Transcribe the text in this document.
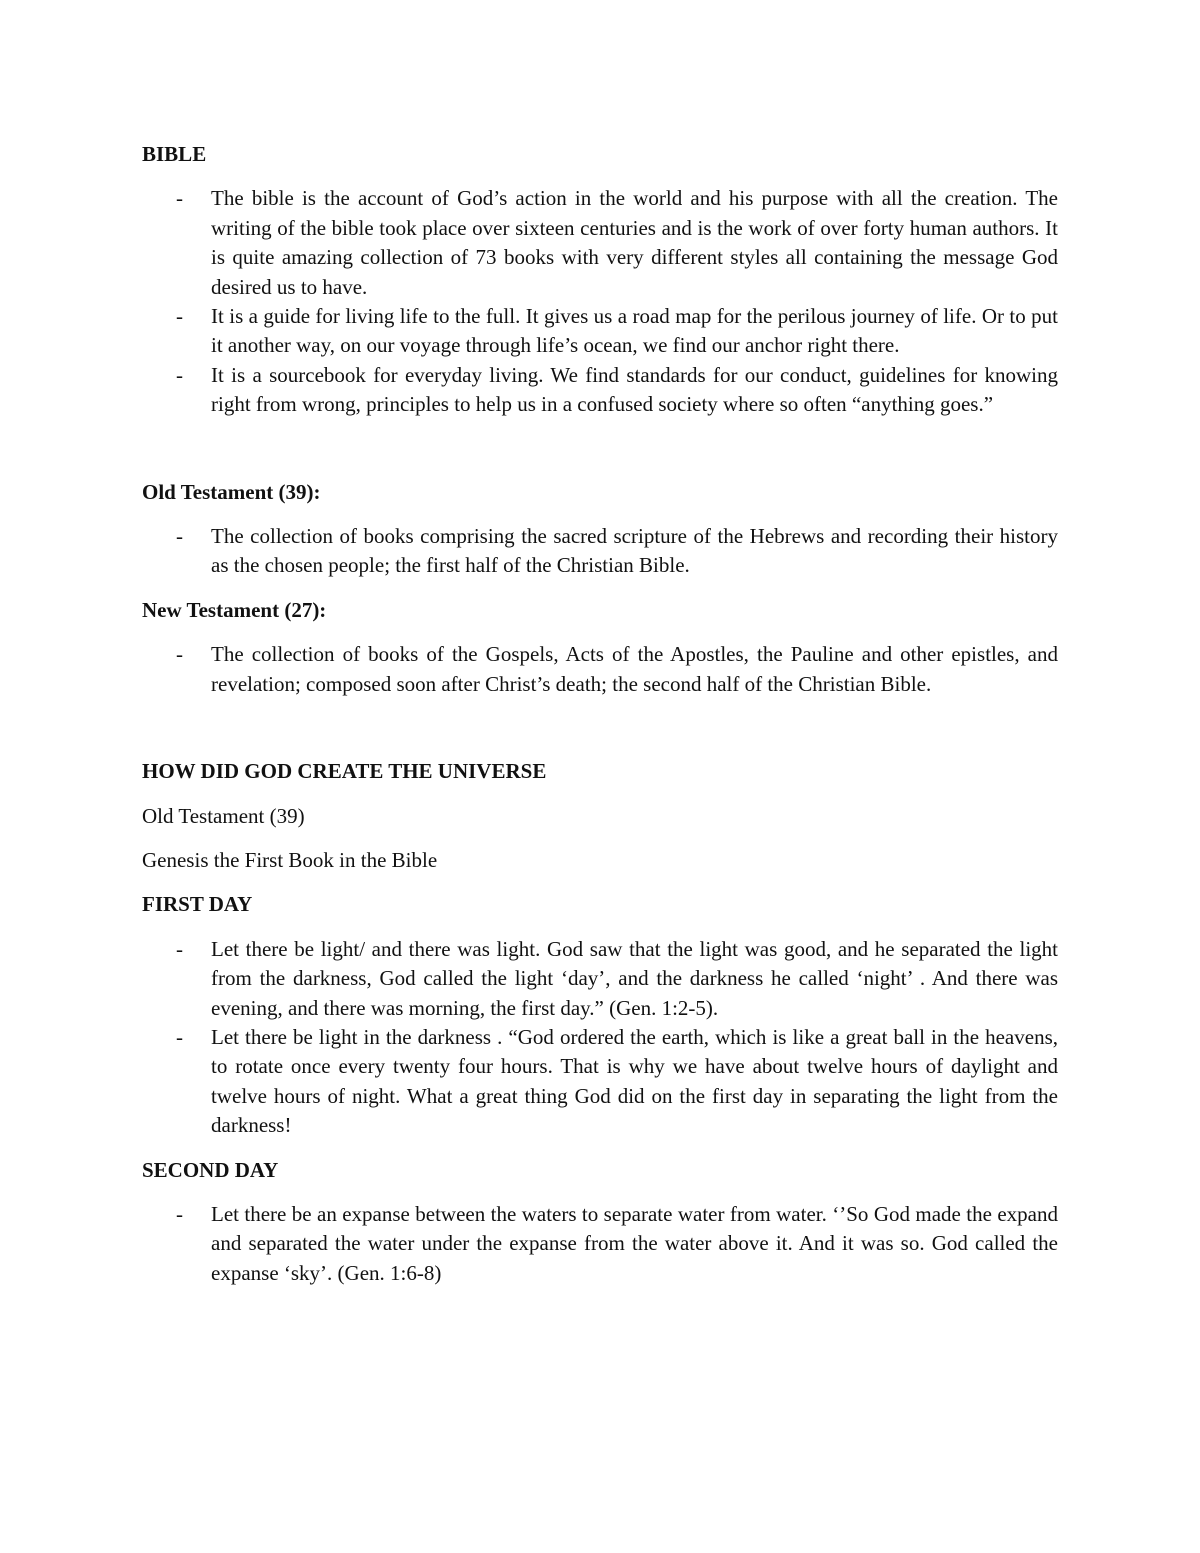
BIBLE
- The bible is the account of God’s action in the world and his purpose with all the creation. The writing of the bible took place over sixteen centuries and is the work of over forty human authors. It is quite amazing collection of 73 books with very different styles all containing the message God desired us to have.
- It is a guide for living life to the full. It gives us a road map for the perilous journey of life. Or to put it another way, on our voyage through life’s ocean, we find our anchor right there.
- It is a sourcebook for everyday living. We find standards for our conduct, guidelines for knowing right from wrong, principles to help us in a confused society where so often “anything goes.”
Old Testament (39):
- The collection of books comprising the sacred scripture of the Hebrews and recording their history as the chosen people; the first half of the Christian Bible.
New Testament (27):
- The collection of books of the Gospels, Acts of the Apostles, the Pauline and other epistles, and revelation; composed soon after Christ’s death; the second half of the Christian Bible.
HOW DID GOD CREATE THE UNIVERSE

Old Testament (39)

Genesis the First Book in the Bible

FIRST DAY
- Let there be light/ and there was light. God saw that the light was good, and he separated the light from the darkness, God called the light ‘day’, and the darkness he called ‘night’ . And there was evening, and there was morning, the first day.” (Gen. 1:2-5).
- Let there be light in the darkness . “God ordered the earth, which is like a great ball in the heavens, to rotate once every twenty four hours. That is why we have about twelve hours of daylight and twelve hours of night. What a great thing God did on the first day in separating the light from the darkness!
SECOND DAY
- Let there be an expanse between the waters to separate water from water. ‘’So God made the expand and separated the water under the expanse from the water above it. And it was so. God called the expanse ‘sky’. (Gen. 1:6-8)
